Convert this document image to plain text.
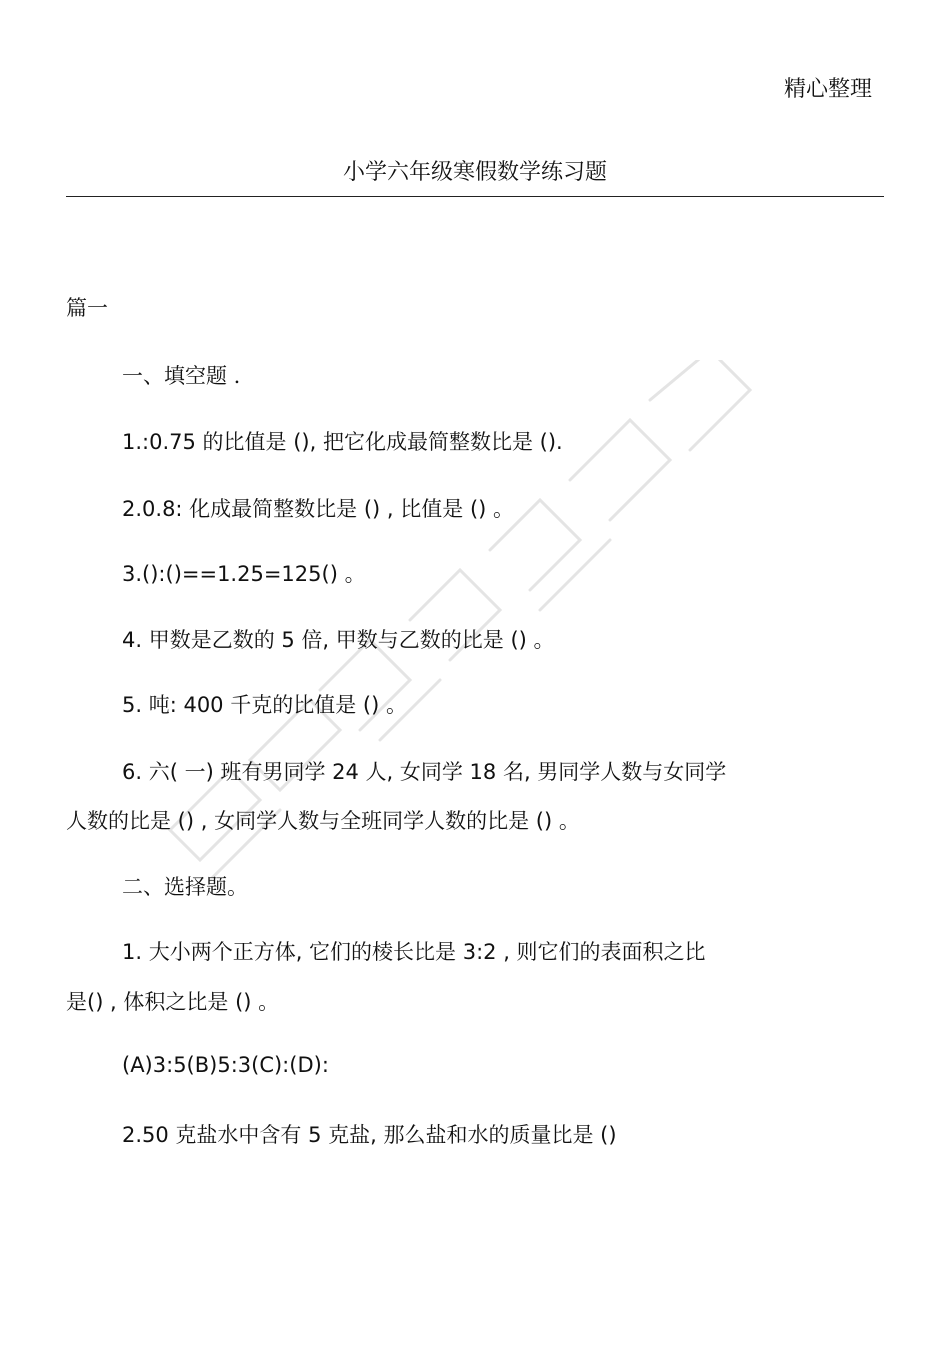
精心整理
小学六年级寒假数学练习题
篇一
一、填空题 .
1.:0.75 的比值是 (), 把它化成最简整数比是 ().
2.0.8: 化成最简整数比是 () , 比值是 () 。
3.():()==1.25=125() 。
4. 甲数是乙数的 5 倍, 甲数与乙数的比是 () 。
5. 吨: 400 千克的比值是 () 。
6. 六( 一) 班有男同学 24 人, 女同学 18 名, 男同学人数与女同学
人数的比是 () , 女同学人数与全班同学人数的比是 () 。
二、选择题。
1. 大小两个正方体, 它们的棱长比是 3:2 , 则它们的表面积之比
是() , 体积之比是 () 。
(A)3:5(B)5:3(C):(D):
2.50 克盐水中含有 5 克盐, 那么盐和水的质量比是 ()
